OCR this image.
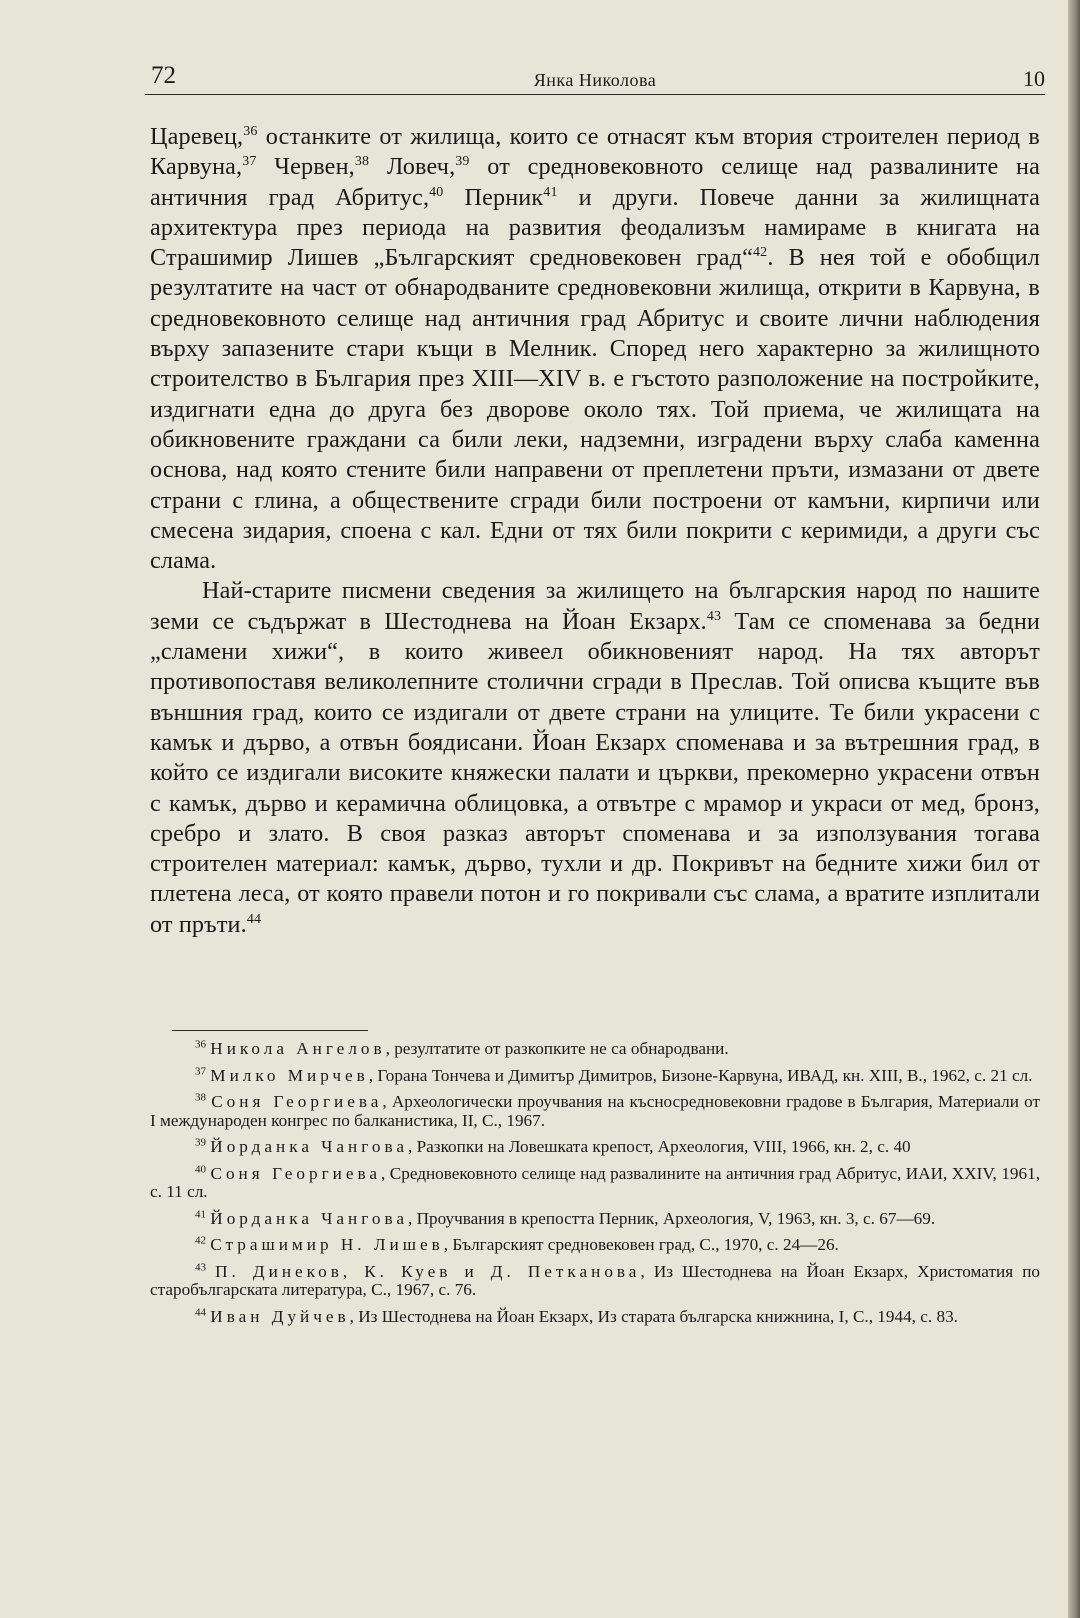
72	Янка Николова	10

Царевец,$^{36}$ останките от жилища, които се отнасят към втория строителен период в Карвуна,$^{37}$ Червен,$^{38}$ Ловеч,$^{39}$ от средновековното селище над развалините на античния град Абритус,$^{40}$ Перник$^{41}$ и други. Повече данни за жилищната архитектура през периода на развития феодализъм намираме в книгата на Страшимир Лишев „Българският средновековен град“$^{42}$. В нея той е обобщил резултатите на част от обнародваните средновековни жилища, открити в Карвуна, в средновековното селище над античния град Абритус и своите лични наблюдения върху запазените стари къщи в Мелник. Според него характерно за жилищното строителство в България през XIII—XIV в. е гъстото разположение на постройките, издигнати една до друга без дворове около тях. Той приема, че жилищата на обикновените граждани са били леки, надземни, изградени върху слаба каменна основа, над която стените били направени от преплетени пръти, измазани от двете страни с глина, а обществените сгради били построени от камъни, кирпичи или смесена зидария, споена с кал. Едни от тях били покрити с керимиди, а други със слама.

Най-старите писмени сведения за жилището на българския народ по нашите земи се съдържат в Шестоднева на Йоан Екзарх.$^{43}$ Там се споменава за бедни „сламени хижи“, в които живеел обикновеният народ. На тях авторът противопоставя великолепните столични сгради в Преслав. Той описва къщите във външния град, които се издигали от двете страни на улиците. Те били украсени с камък и дърво, а отвън боядисани. Йоан Екзарх споменава и за вътрешния град, в който се издигали високите княжески палати и църкви, прекомерно украсени отвън с камък, дърво и керамична облицовка, а отвътре с мрамор и украси от мед, бронз, сребро и злато. В своя разказ авторът споменава и за използувания тогава строителен материал: камък, дърво, тухли и др. Покривът на бедните хижи бил от плетена леса, от която правели потон и го покривали със слама, а вратите изплитали от пръти.$^{44}$

$^{36}$ Никола Ангелов, резултатите от разкопките не са обнародвани.

$^{37}$ Милко Мирчев, Горана Тончева и Димитър Димитров, Бизоне-Карвуна, ИВАД, кн. XIII, В., 1962, с. 21 сл.

$^{38}$ Соня Георгиева, Археологически проучвания на късносредновековни градове в България, Материали от I международен конгрес по балканистика, II, С., 1967.

$^{39}$ Йорданка Чангова, Разкопки на Ловешката крепост, Археология, VIII, 1966, кн. 2, с. 40

$^{40}$ Соня Георгиева, Средновековното селище над развалините на античния град Абритус, ИАИ, XXIV, 1961, с. 11 сл.

$^{41}$ Йорданка Чангова, Проучвания в крепостта Перник, Археология, V, 1963, кн. 3, с. 67—69.

$^{42}$ Страшимир Н. Лишев, Българският средновековен град, С., 1970, с. 24—26.

$^{43}$ П. Динеков, К. Куев и Д. Петканова, Из Шестоднева на Йоан Екзарх, Христоматия по старобългарската литература, С., 1967, с. 76.

$^{44}$ Иван Дуйчев, Из Шестоднева на Йоан Екзарх, Из старата българска книжнина, I, С., 1944, с. 83.
